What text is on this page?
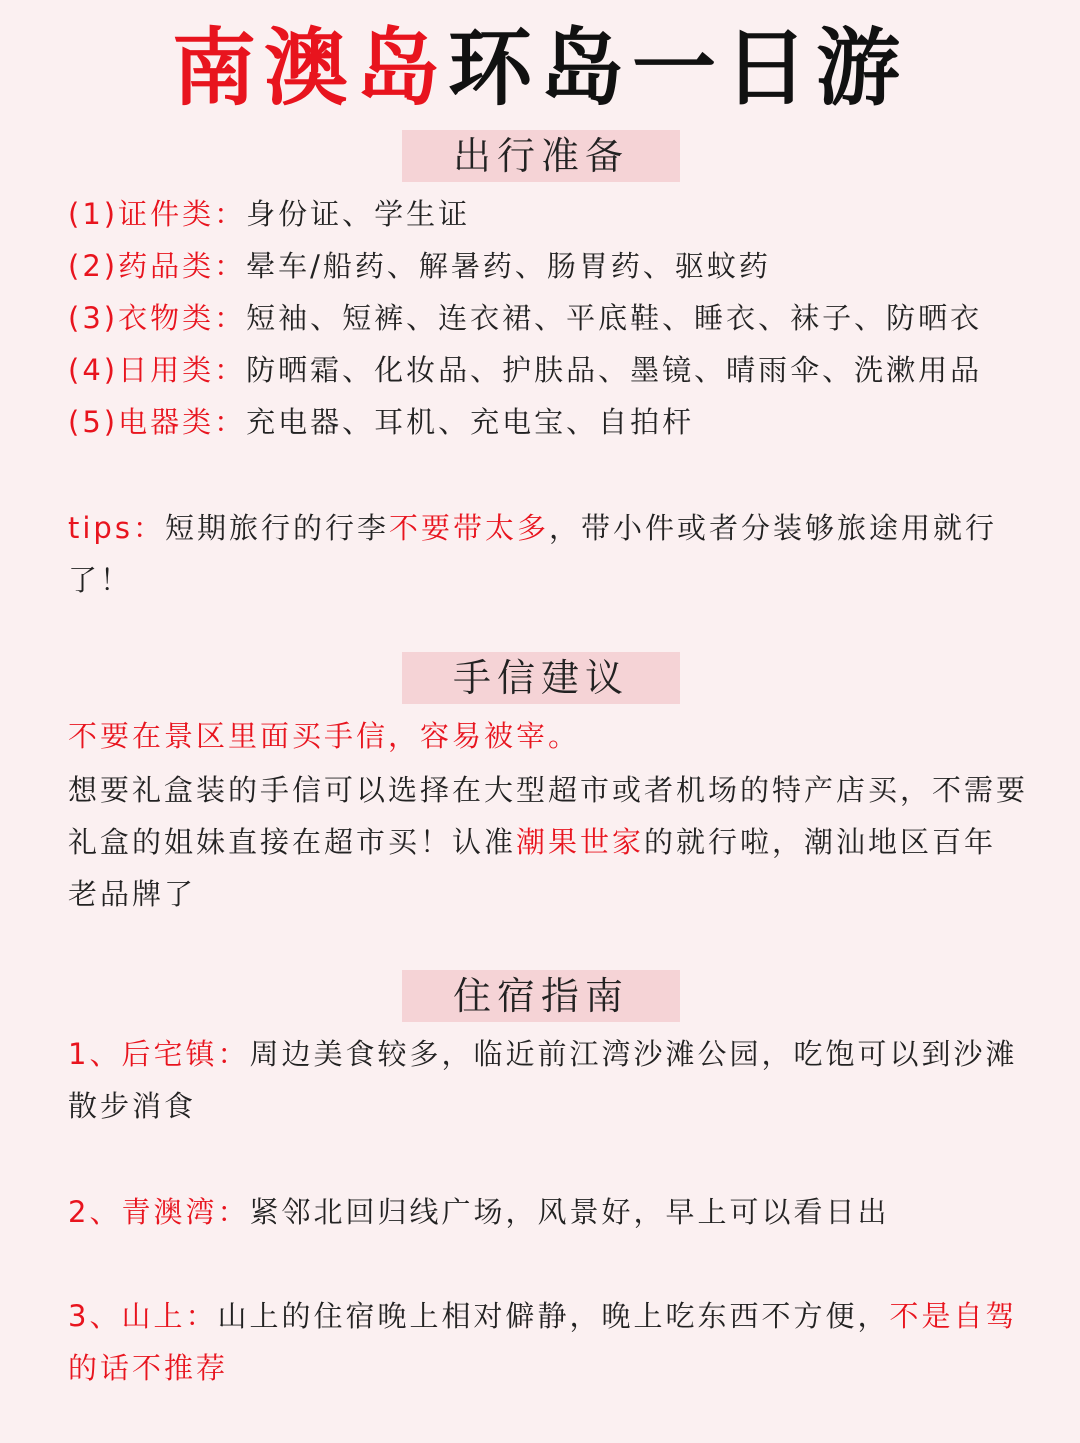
南澳岛环岛一日游
出行准备
(1)证件类：身份证、学生证
(2)药品类：晕车/船药、解暑药、肠胃药、驱蚊药
(3)衣物类：短袖、短裤、连衣裙、平底鞋、睡衣、袜子、防晒衣
(4)日用类：防晒霜、化妆品、护肤品、墨镜、晴雨伞、洗漱用品
(5)电器类：充电器、耳机、充电宝、自拍杆
tips：短期旅行的行李不要带太多，带小件或者分装够旅途用就行了！
手信建议
不要在景区里面买手信，容易被宰。
想要礼盒装的手信可以选择在大型超市或者机场的特产店买，不需要礼盒的姐妹直接在超市买！认准潮果世家的就行啦，潮汕地区百年老品牌了
住宿指南
1、后宅镇：周边美食较多，临近前江湾沙滩公园，吃饱可以到沙滩散步消食
2、青澳湾：紧邻北回归线广场，风景好，早上可以看日出
3、山上：山上的住宿晚上相对僻静，晚上吃东西不方便，不是自驾的话不推荐
